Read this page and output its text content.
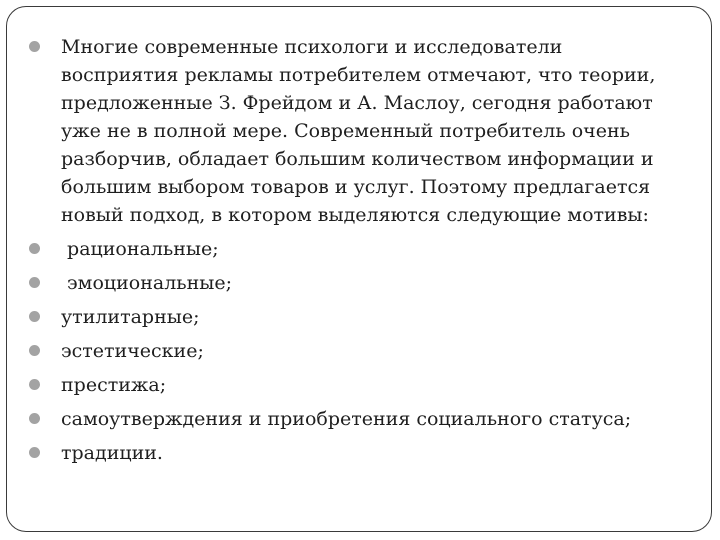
Многие современные психологи и исследователи
восприятия рекламы потребителем отмечают, что теории,
предложенные З. Фрейдом и А. Маслоу, сегодня работают
уже не в полной мере. Современный потребитель очень
разборчив, обладает большим количеством информации и
большим выбором товаров и услуг. Поэтому предлагается
новый подход, в котором выделяются следующие мотивы:
рациональные;
эмоциональные;
утилитарные;
эстетические;
престижа;
самоутверждения и приобретения социального статуса;
традиции.
